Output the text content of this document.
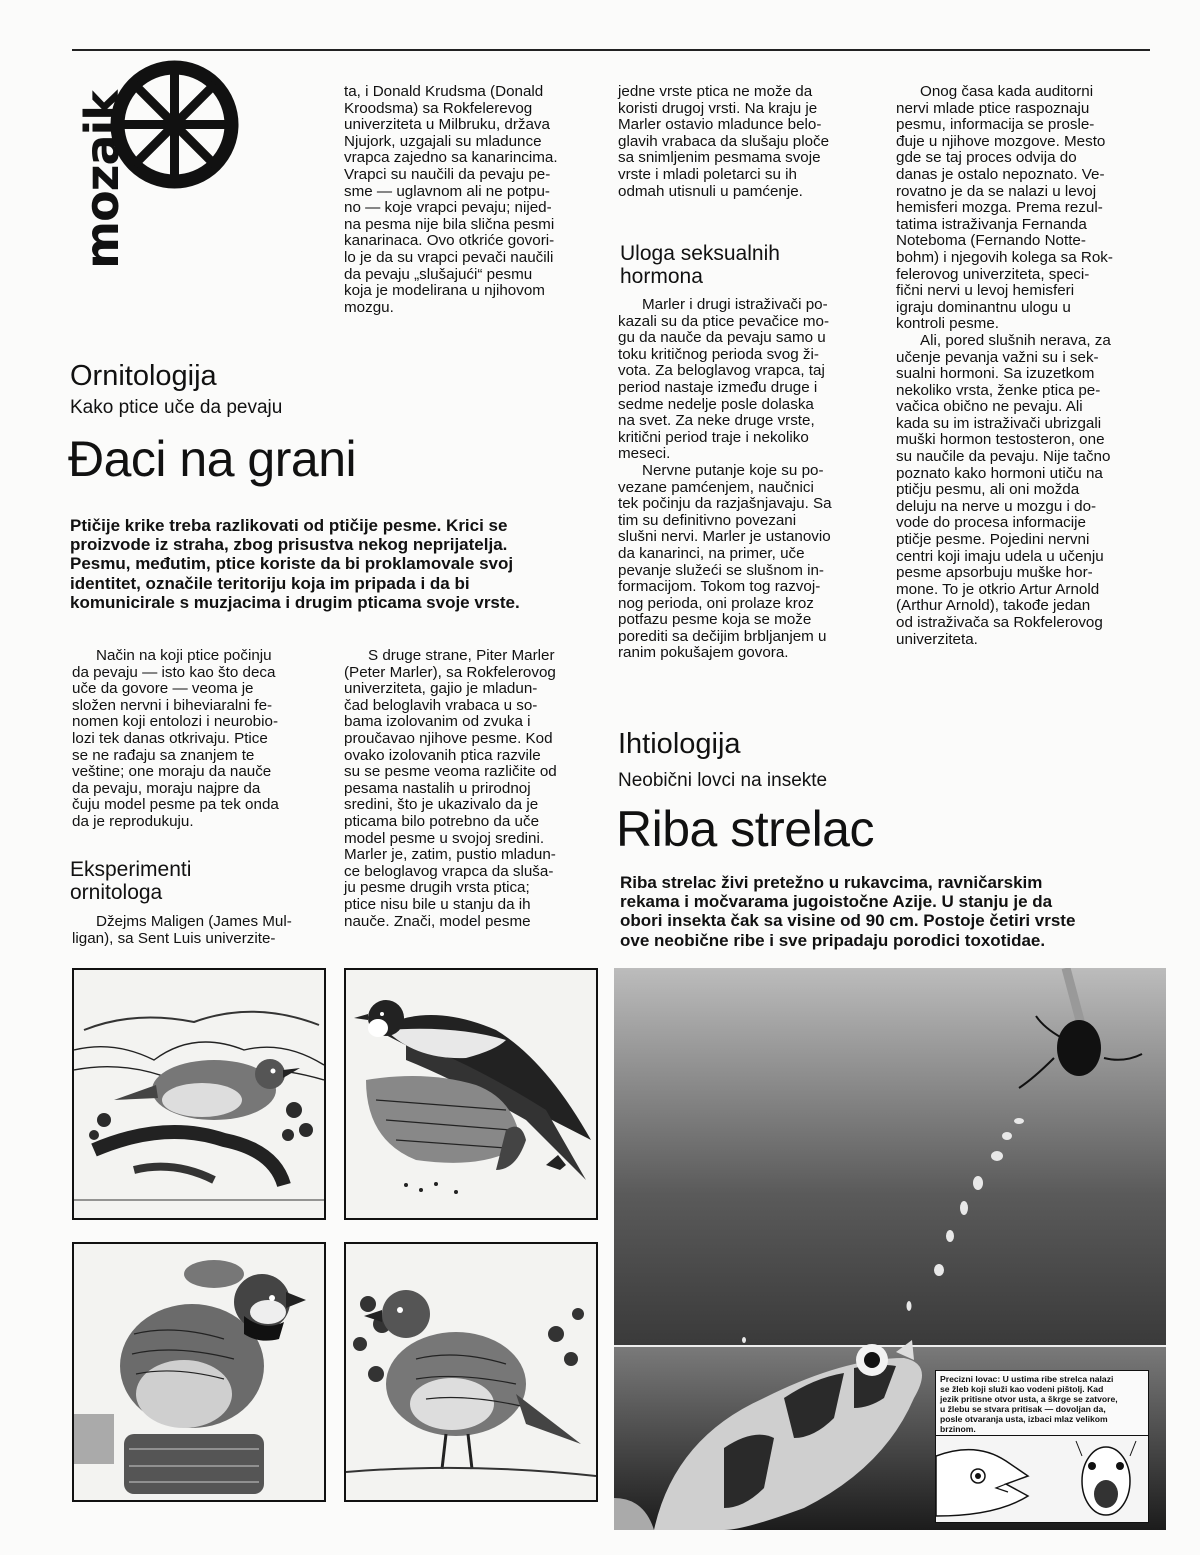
mozaik	ta, i Donald Krudsma (Donald

Kroodsma) sa Rokfelerevog

univerziteta u Milbruku, država

Njujork, uzgajali su mladunce

vrapca zajedno sa kanarincima.

Vrapci su naučili da pevaju pe-

sme — uglavnom ali ne potpu-

no — koje vrapci pevaju; nijed-

na pesma nije bila slična pesmi

kanarinaca. Ovo otkriće govori-

lo je da su vrapci pevači naučili

da pevaju „slušajući“ pesmu

koja je modelirana u njihovom

mozgu.

Ornitologija
Kako ptice uče da pevaju
Đaci na grani
Ptičije krike treba razlikovati od ptičije pesme. Krici se
proizvode iz straha, zbog prisustva nekog neprijatelja.
Pesmu, međutim, ptice koriste da bi proklamovale svoj
identitet, označile teritoriju koja im pripada i da bi
komunicirale s muzjacima i drugim pticama svoje vrste.

Način na koji ptice počinju

da pevaju — isto kao što deca

uče da govore — veoma je

složen nervni i biheviaralni fe-

nomen koji entolozi i neurobio-

lozi tek danas otkrivaju. Ptice

se ne rađaju sa znanjem te

veštine; one moraju da nauče

da pevaju, moraju najpre da

čuju model pesme pa tek onda

da je reprodukuju.

Eksperimenti
ornitologa

Džejms Maligen (James Mul-

ligan), sa Sent Luis univerzite-

S druge strane, Piter Marler

(Peter Marler), sa Rokfelerovog

univerziteta, gajio je mladun-

čad beloglavih vrabaca u so-

bama izolovanim od zvuka i

proučavao njihove pesme. Kod

ovako izolovanih ptica razvile

su se pesme veoma različite od

pesama nastalih u prirodnoj

sredini, što je ukazivalo da je

pticama bilo potrebno da uče

model pesme u svojoj sredini.

Marler je, zatim, pustio mladun-

ce beloglavog vrapca da sluša-

ju pesme drugih vrsta ptica;

ptice nisu bile u stanju da ih

nauče. Znači, model pesme

jedne vrste ptica ne može da

koristi drugoj vrsti. Na kraju je

Marler ostavio mladunce belo-

glavih vrabaca da slušaju ploče

sa snimljenim pesmama svoje

vrste i mladi poletarci su ih

odmah utisnuli u pamćenje.

Uloga seksualnih
hormona

Marler i drugi istraživači po-

kazali su da ptice pevačice mo-

gu da nauče da pevaju samo u

toku kritičnog perioda svog ži-

vota. Za beloglavog vrapca, taj

period nastaje između druge i

sedme nedelje posle dolaska

na svet. Za neke druge vrste,

kritični period traje i nekoliko

meseci.

Nervne putanje koje su po-

vezane pamćenjem, naučnici

tek počinju da razjašnjavaju. Sa

tim su definitivno povezani

slušni nervi. Marler je ustanovio

da kanarinci, na primer, uče

pevanje služeći se slušnom in-

formacijom. Tokom tog razvoj-

nog perioda, oni prolaze kroz

potfazu pesme koja se može

porediti sa dečijim brbljanjem u

ranim pokušajem govora.

Onog časa kada auditorni

nervi mlade ptice raspoznaju

pesmu, informacija se prosle-

đuje u njihove mozgove. Mesto

gde se taj proces odvija do

danas je ostalo nepoznato. Ve-

rovatno je da se nalazi u levoj

hemisferi mozga. Prema rezul-

tatima istraživanja Fernanda

Noteboma (Fernando Notte-

bohm) i njegovih kolega sa Rok-

felerovog univerziteta, speci-

fični nervi u levoj hemisferi

igraju dominantnu ulogu u

kontroli pesme.

Ali, pored slušnih nerava, za

učenje pevanja važni su i sek-

sualni hormoni. Sa izuzetkom

nekoliko vrsta, ženke ptica pe-

vačica obično ne pevaju. Ali

kada su im istraživači ubrizgali

muški hormon testosteron, one

su naučile da pevaju. Nije tačno

poznato kako hormoni utiču na

ptičju pesmu, ali oni možda

deluju na nerve u mozgu i do-

vode do procesa informacije

ptičje pesme. Pojedini nervni

centri koji imaju udela u učenju

pesme apsorbuju muške hor-

mone. To je otkrio Artur Arnold

(Arthur Arnold), takođe jedan

od istraživača sa Rokfelerovog

univerziteta.

Ihtiologija
Neobični lovci na insekte
Riba strelac
Riba strelac živi pretežno u rukavcima, ravničarskim
rekama i močvarama jugoistočne Azije. U stanju je da
obori insekta čak sa visine od 90 cm. Postoje četiri vrste
ove neobične ribe i sve pripadaju porodici toxotidae.
Precizni lovac: U ustima ribe strelca nalazi
se žleb koji služi kao vodeni pištolj. Kad
jezik pritisne otvor usta, a škrge se zatvore,
u žlebu se stvara pritisak — dovoljan da,
posle otvaranja usta, izbaci mlaz velikom
brzinom.
